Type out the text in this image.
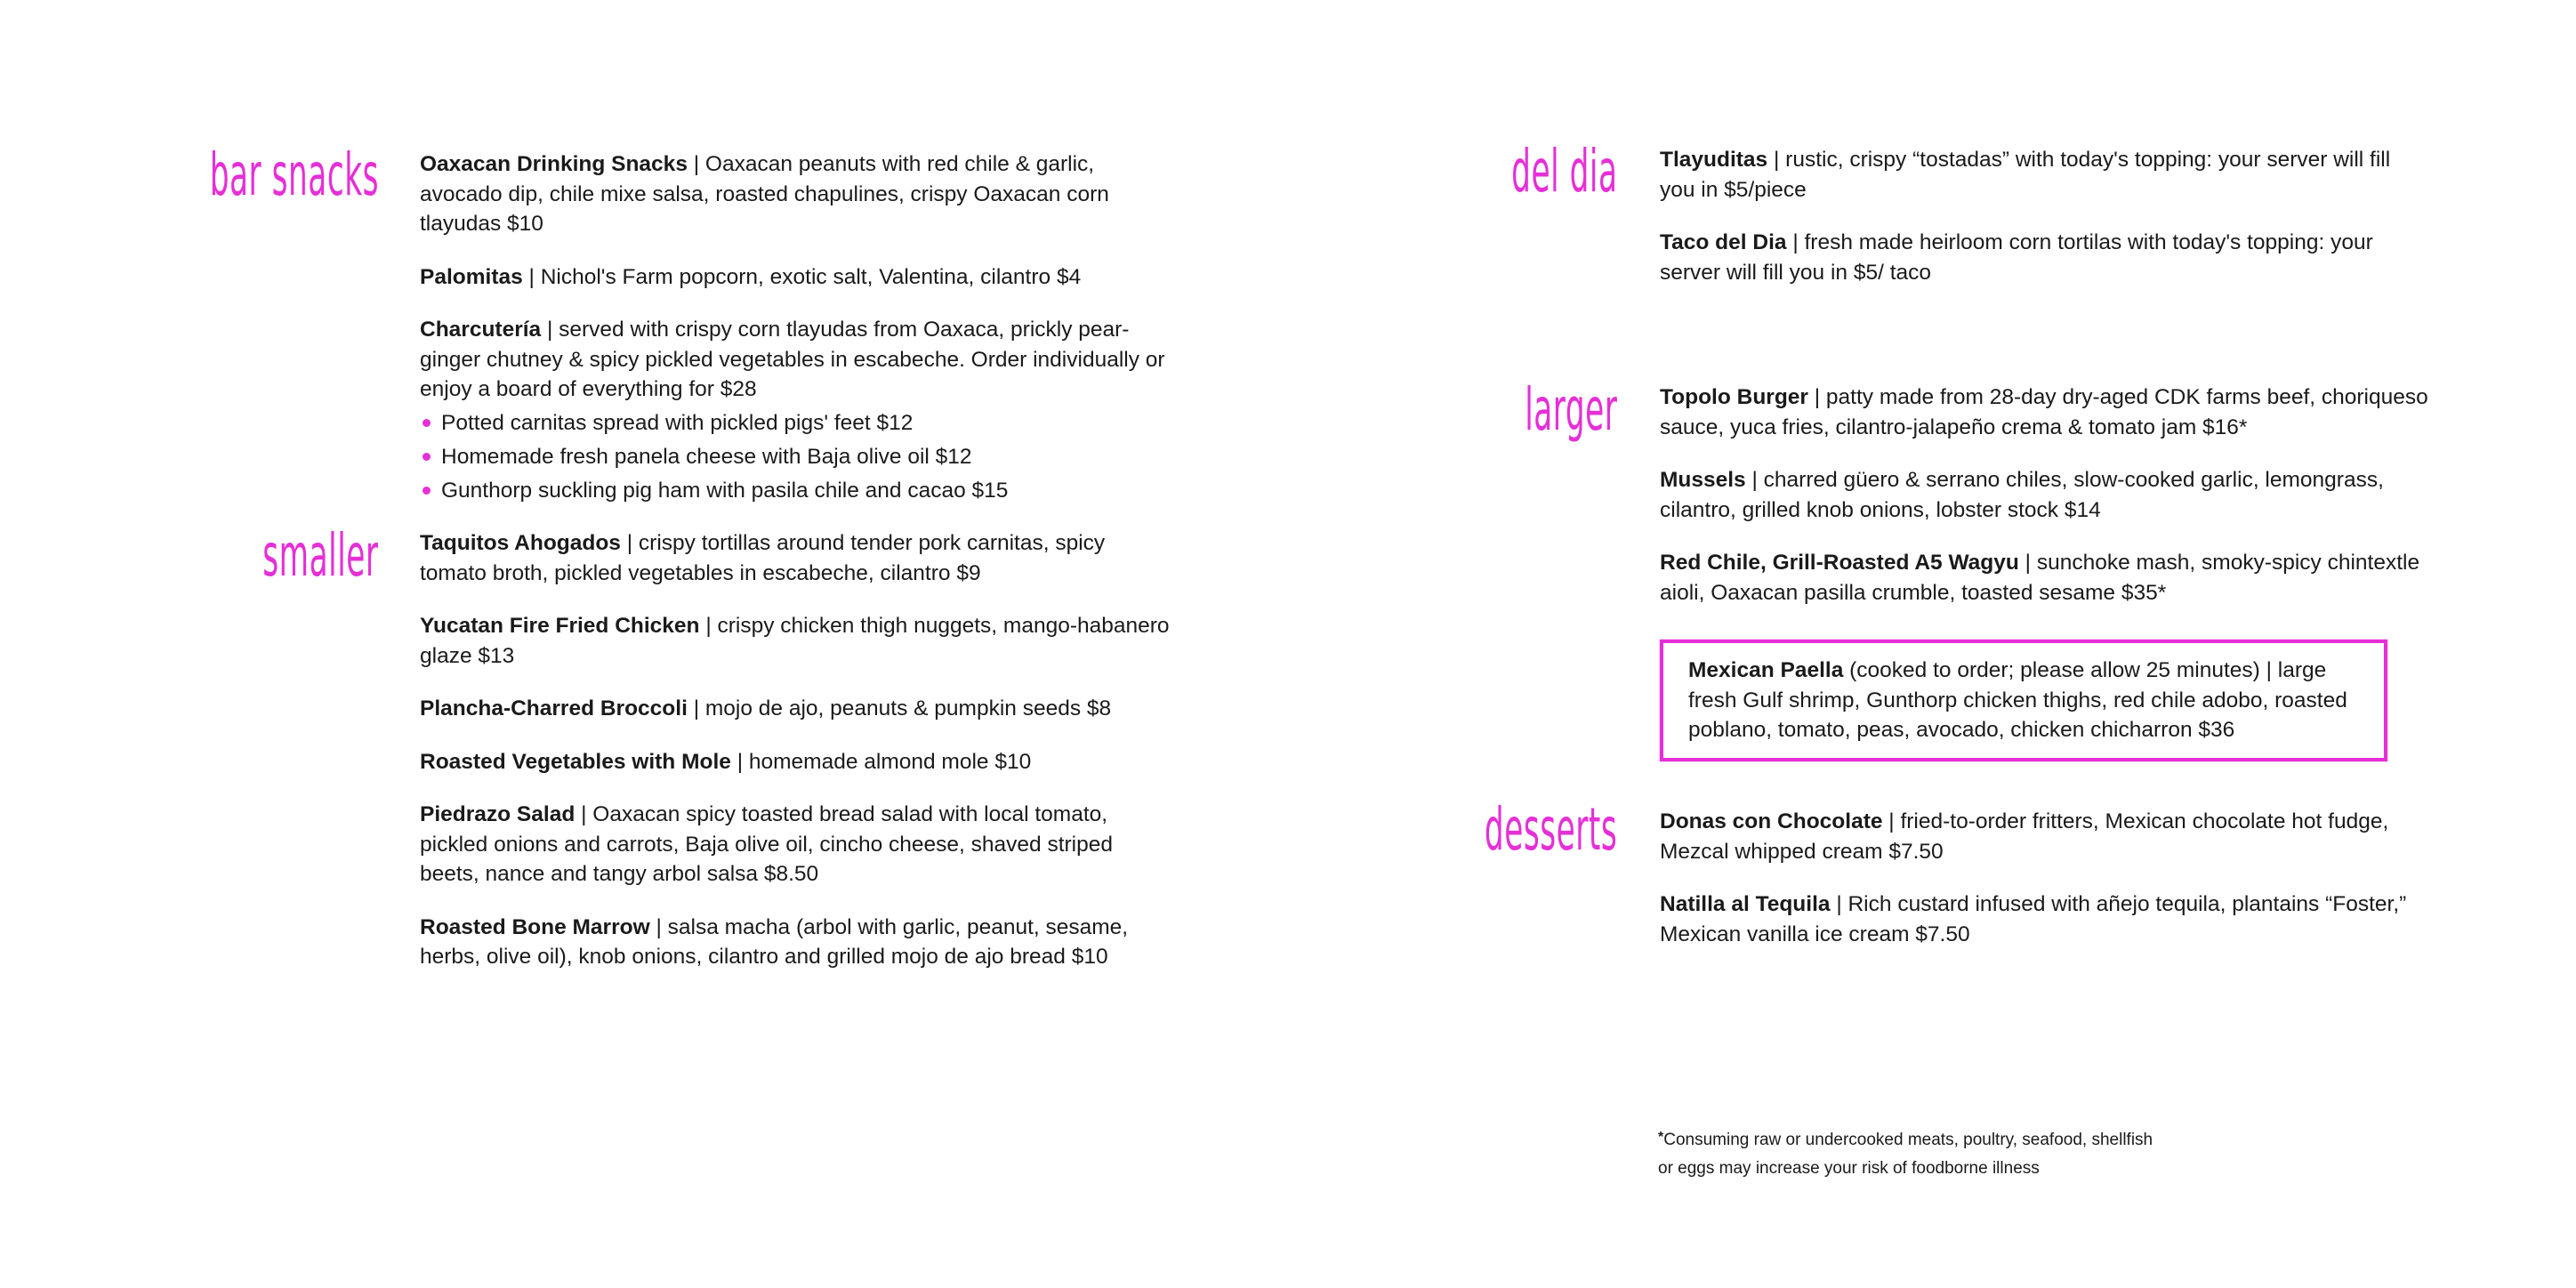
bar snacks Oaxacan Drinking Snacks | Oaxacan peanuts with red chile & garlic, avocado dip, chile mixe salsa, roasted chapulines, crispy Oaxacan corn tlayudas $10
Palomitas | Nichol's Farm popcorn, exotic salt, Valentina, cilantro $4
Charcutería | served with crispy corn tlayudas from Oaxaca, prickly pear-ginger chutney & spicy pickled vegetables in escabeche. Order individually or enjoy a board of everything for $28
Potted carnitas spread with pickled pigs' feet $12
Homemade fresh panela cheese with Baja olive oil $12
Gunthorp suckling pig ham with pasila chile and cacao $15
smaller Taquitos Ahogados | crispy tortillas around tender pork carnitas, spicy tomato broth, pickled vegetables in escabeche, cilantro $9
Yucatan Fire Fried Chicken | crispy chicken thigh nuggets, mango-habanero glaze $13
Plancha-Charred Broccoli | mojo de ajo, peanuts & pumpkin seeds $8
Roasted Vegetables with Mole | homemade almond mole $10
Piedrazo Salad | Oaxacan spicy toasted bread salad with local tomato, pickled onions and carrots, Baja olive oil, cincho cheese, shaved striped beets, nance and tangy arbol salsa $8.50
Roasted Bone Marrow | salsa macha (arbol with garlic, peanut, sesame, herbs, olive oil), knob onions, cilantro and grilled mojo de ajo bread $10
del dia Tlayuditas | rustic, crispy “tostadas” with today's topping: your server will fill you in $5/piece
Taco del Dia | fresh made heirloom corn tortilas with today's topping: your server will fill you in $5/ taco
larger Topolo Burger | patty made from 28-day dry-aged CDK farms beef, choriqueso sauce, yuca fries, cilantro-jalapeño crema & tomato jam $16*
Mussels | charred güero & serrano chiles, slow-cooked garlic, lemongrass, cilantro, grilled knob onions, lobster stock $14
Red Chile, Grill-Roasted A5 Wagyu | sunchoke mash, smoky-spicy chintextle aioli, Oaxacan pasilla crumble, toasted sesame $35*
Mexican Paella (cooked to order; please allow 25 minutes) | large fresh Gulf shrimp, Gunthorp chicken thighs, red chile adobo, roasted poblano, tomato, peas, avocado, chicken chicharron $36
desserts Donas con Chocolate | fried-to-order fritters, Mexican chocolate hot fudge, Mezcal whipped cream $7.50
Natilla al Tequila | Rich custard infused with añejo tequila, plantains “Foster,” Mexican vanilla ice cream $7.50
*Consuming raw or undercooked meats, poultry, seafood, shellfish
or eggs may increase your risk of foodborne illness
